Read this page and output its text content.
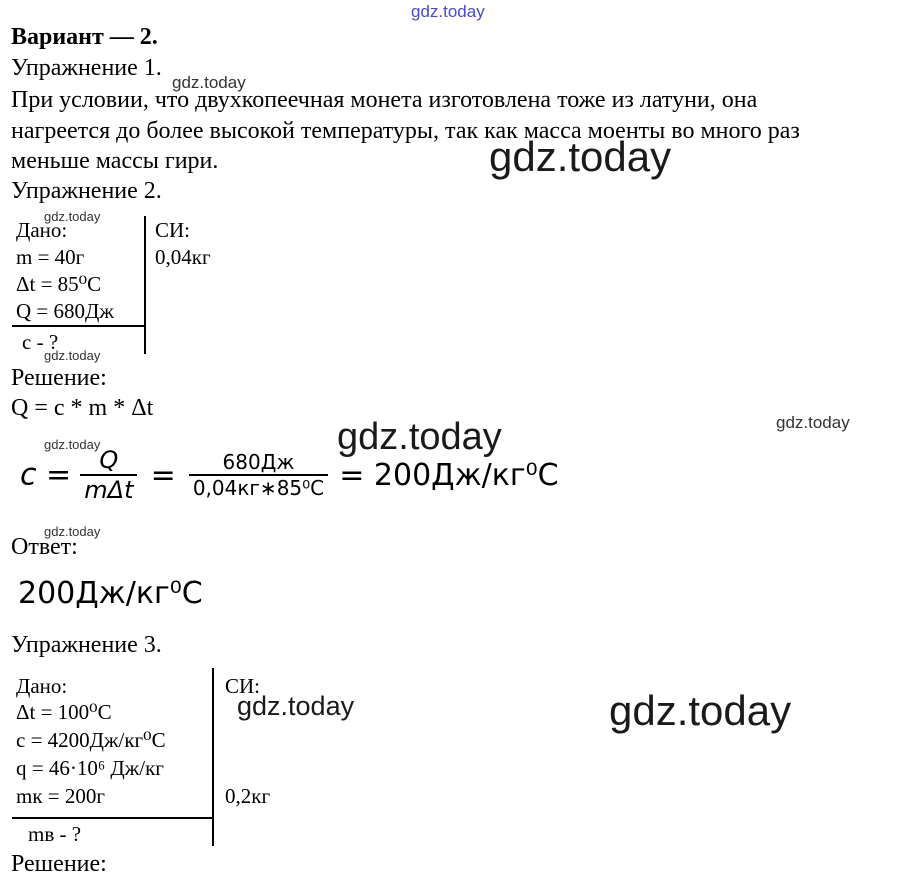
gdz.today
Вариант — 2.
Упражнение 1.
gdz.today
При условии, что двухкопеечная монета изготовлена тоже из латуни, она
нагреется до более высокой температуры, так как масса моенты во много раз
меньше массы гири.	gdz.today
Упражнение 2.
gdz.today
Дано:	СИ:
m = 40г	0,04кг
Δt = 85⁰С
Q = 680Дж
с - ?
gdz.today
Решение:
Q = c * m * Δt
gdz.today
gdz.today
gdz.today
$c = \frac{Q}{\text{mΔt}} = \frac{680Дж}{\text{0,04кг∗85⁰С}} = 200Дж/кг^0С$
gdz.today
Ответ:
200Дж/кг⁰С
Упражнение 3.
Дано:	СИ:
Δt = 100⁰С
c = 4200Дж/кг⁰С
q = 46·10⁶ Дж/кг
mк = 200г	0,2кг
mв - ?
gdz.today	gdz.today
Решение:
